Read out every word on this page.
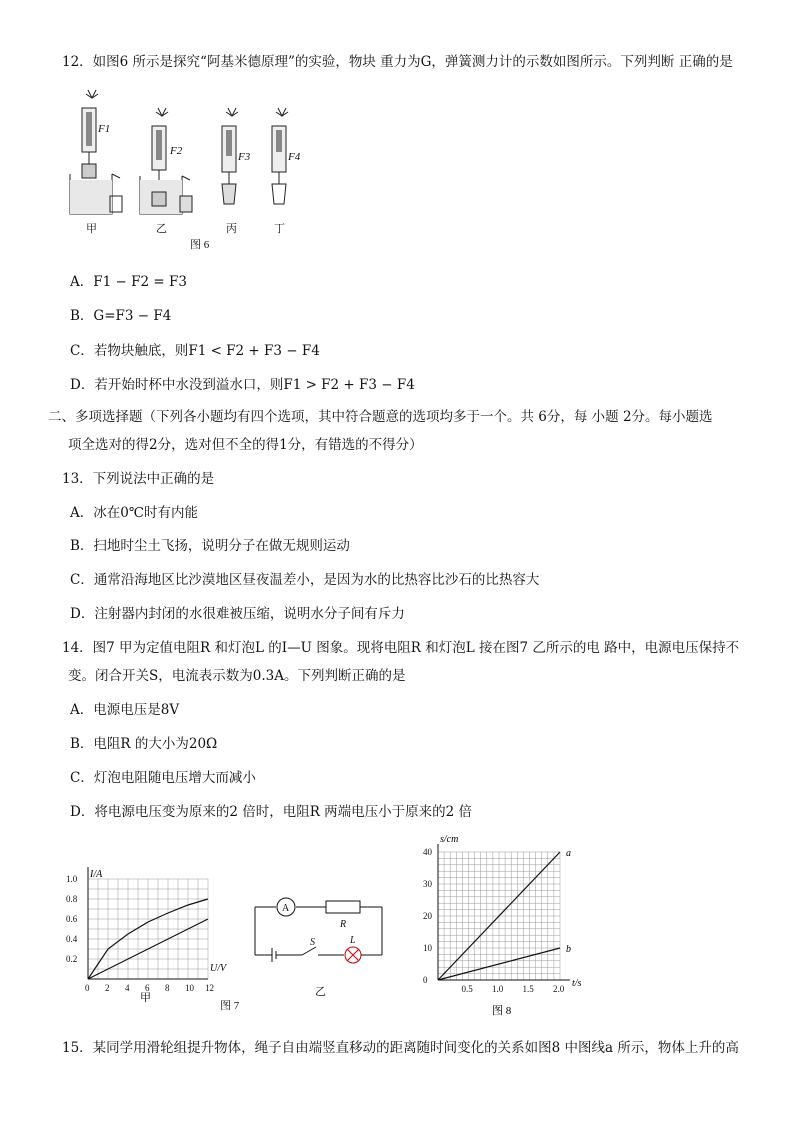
12．如图6 所示是探究“阿基米德原理”的实验，物块 重力为G，弹簧测力计的示数如图所示。下列判断 正确的是
F1
F2	F3	F4
甲	乙	丙	丁
图 6
A．F1 − F2 = F3
B．G=F3 − F4
C．若物块触底，则F1 < F2 + F3 − F4
D．若开始时杯中水没到溢水口，则F1 > F2 + F3 − F4
二、多项选择题（下列各小题均有四个选项，其中符合题意的选项均多于一个。共 6分，每 小题 2分。每小题选
项全选对的得2分，选对但不全的得1分，有错选的不得分）
13．下列说法中正确的是
A．冰在0℃时有内能
B．扫地时尘土飞扬，说明分子在做无规则运动
C．通常沿海地区比沙漠地区昼夜温差小，是因为水的比热容比沙石的比热容大
D．注射器内封闭的水很难被压缩，说明水分子间有斥力
14．图7 甲为定值电阻R 和灯泡L 的I—U 图象。现将电阻R 和灯泡L 接在图7 乙所示的电 路中，电源电压保持不
变。闭合开关S，电流表示数为0.3A。下列判断正确的是
A．电源电压是8V
B．电阻R 的大小为20Ω
C．灯泡电阻随电压增大而减小
D．将电源电压变为原来的2 倍时，电阻R 两端电压小于原来的2 倍
1.0
0.8
0.6
0.4
0.2
0 2 4 6 8 10 12
I/A
U/V
甲
A
R
S	L
乙
图 7
40
30
20
10
0
0.5 1.0 1.5 2.0
s/cm
t/s
a
b
图 8
15．某同学用滑轮组提升物体，绳子自由端竖直移动的距离随时间变化的关系如图8 中图线a 所示，物体上升的高
